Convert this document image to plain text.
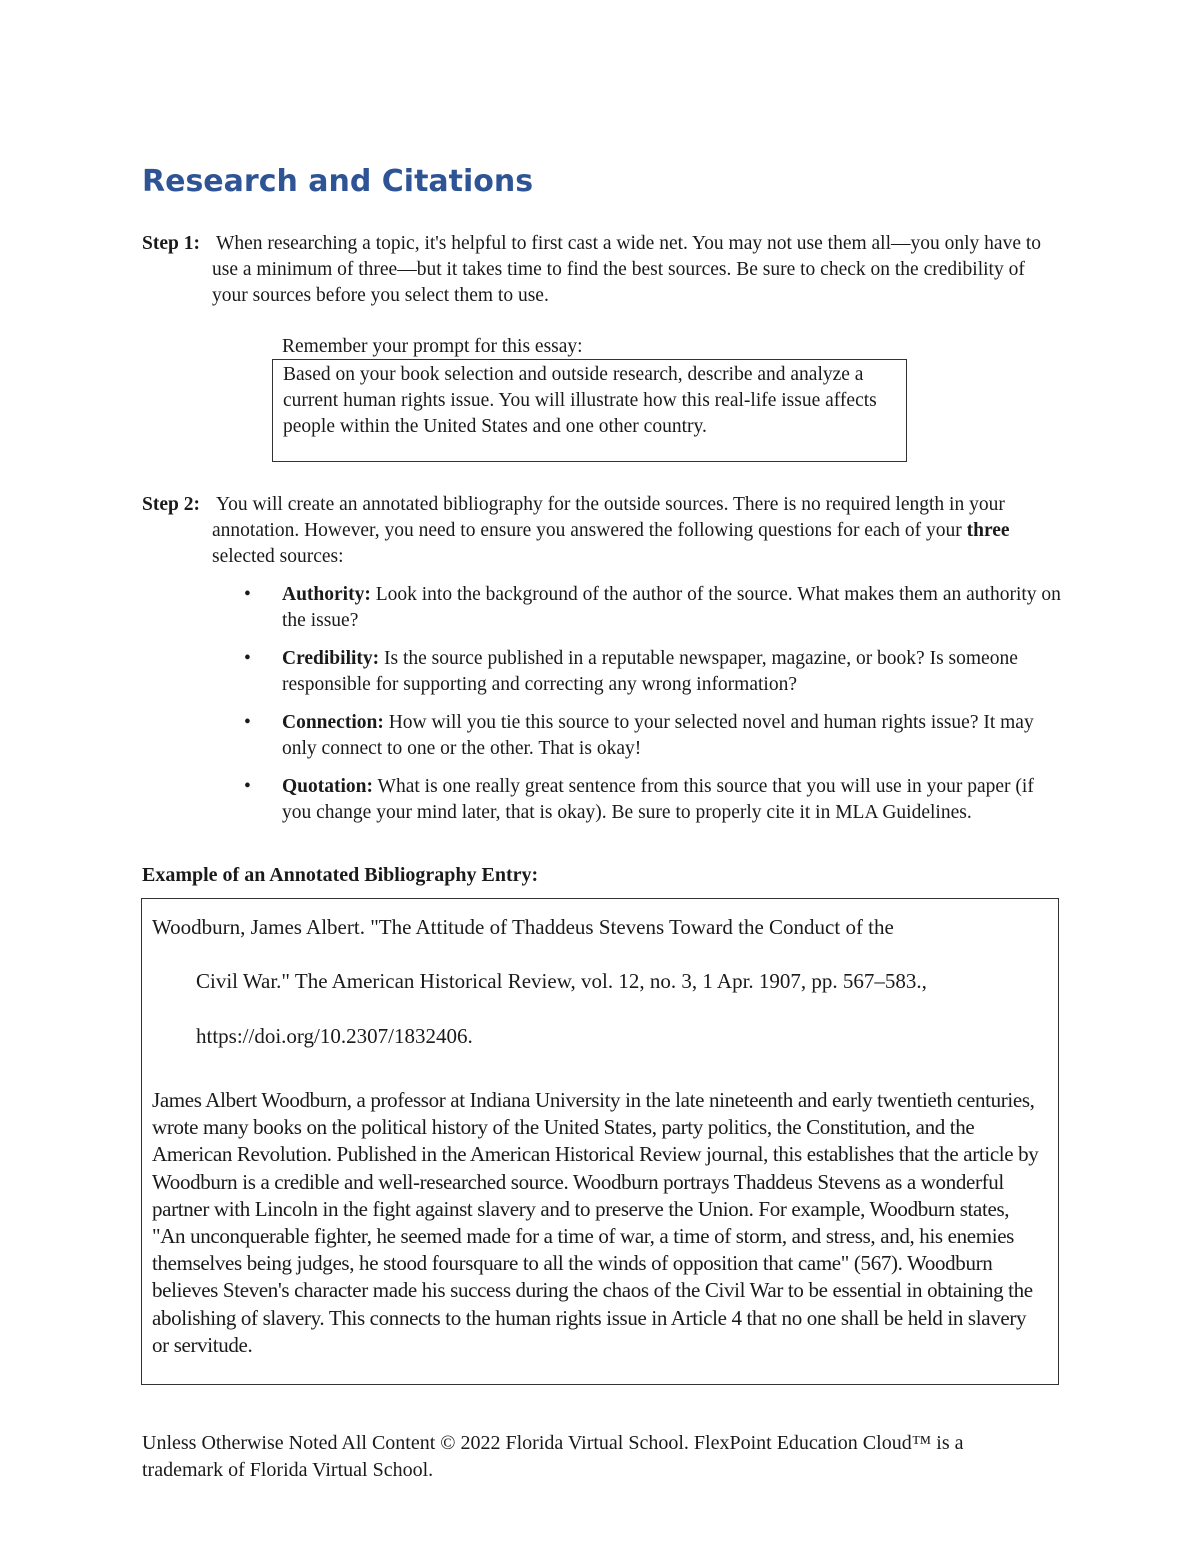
Research and Citations
Step 1: When researching a topic, it's helpful to first cast a wide net. You may not use them all—you only have to use a minimum of three—but it takes time to find the best sources. Be sure to check on the credibility of your sources before you select them to use.
Remember your prompt for this essay:
Based on your book selection and outside research, describe and analyze a current human rights issue. You will illustrate how this real-life issue affects people within the United States and one other country.
Step 2: You will create an annotated bibliography for the outside sources. There is no required length in your annotation. However, you need to ensure you answered the following questions for each of your three selected sources:
•	Authority: Look into the background of the author of the source. What makes them an authority on the issue?
•	Credibility: Is the source published in a reputable newspaper, magazine, or book? Is someone responsible for supporting and correcting any wrong information?
•	Connection: How will you tie this source to your selected novel and human rights issue? It may only connect to one or the other. That is okay!
•	Quotation: What is one really great sentence from this source that you will use in your paper (if you change your mind later, that is okay). Be sure to properly cite it in MLA Guidelines.
Example of an Annotated Bibliography Entry:
Woodburn, James Albert. "The Attitude of Thaddeus Stevens Toward the Conduct of the
Civil War." The American Historical Review, vol. 12, no. 3, 1 Apr. 1907, pp. 567–583.,
https://doi.org/10.2307/1832406.

James Albert Woodburn, a professor at Indiana University in the late nineteenth and early twentieth centuries, wrote many books on the political history of the United States, party politics, the Constitution, and the American Revolution. Published in the American Historical Review journal, this establishes that the article by Woodburn is a credible and well-researched source. Woodburn portrays Thaddeus Stevens as a wonderful partner with Lincoln in the fight against slavery and to preserve the Union. For example, Woodburn states, "An unconquerable fighter, he seemed made for a time of war, a time of storm, and stress, and, his enemies themselves being judges, he stood foursquare to all the winds of opposition that came" (567). Woodburn believes Steven's character made his success during the chaos of the Civil War to be essential in obtaining the abolishing of slavery. This connects to the human rights issue in Article 4 that no one shall be held in slavery or servitude.

Unless Otherwise Noted All Content © 2022 Florida Virtual School. FlexPoint Education Cloud™ is a trademark of Florida Virtual School.
